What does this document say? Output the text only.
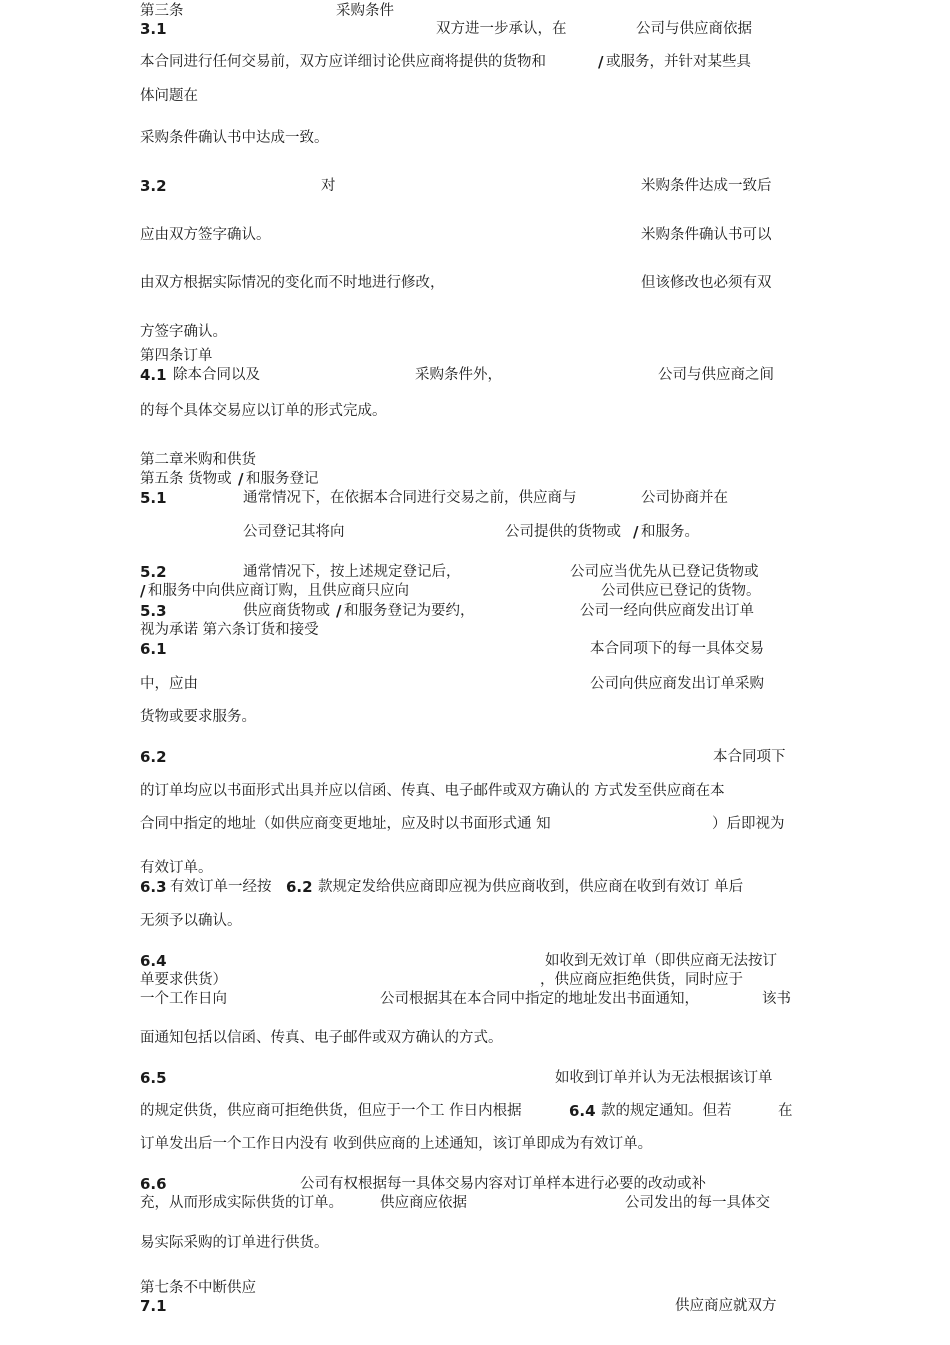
第三条	采购条件
3.1	双方进一步承认，在	公司与供应商依据
本合同进行任何交易前，双方应详细讨论供应商将提供的货物和	/ 或服务，并针对某些具
体问题在
采购条件确认书中达成一致。
3.2	对	米购条件达成一致后
应由双方签字确认。	米购条件确认书可以
由双方根据实际情况的变化而不时地进行修改，	但该修改也必须有双
方签字确认。
第四条订单
4.1 除本合同以及	采购条件外，	公司与供应商之间
的每个具体交易应以订单的形式完成。
第二章米购和供货
第五条 货物或 / 和服务登记
5.1	通常情况下，在依据本合同进行交易之前，供应商与	公司协商并在
公司登记其将向	公司提供的货物或 / 和服务。
5.2	通常情况下，按上述规定登记后，	公司应当优先从已登记货物或
/ 和服务中向供应商订购，且供应商只应向	公司供应已登记的货物。
5.3	供应商货物或 / 和服务登记为要约，	公司一经向供应商发出订单
视为承诺 第六条订货和接受
6.1	本合同项下的每一具体交易
中，应由	公司向供应商发出订单采购
货物或要求服务。
6.2	本合同项下
的订单均应以书面形式出具并应以信函、传真、电子邮件或双方确认的 方式发至供应商在本
合同中指定的地址（如供应商变更地址，应及时以书面形式通 知	）后即视为
有效订单。
6.3 有效订单一经按 6.2 款规定发给供应商即应视为供应商收到，供应商在收到有效订 单后
无须予以确认。
6.4	如收到无效订单（即供应商无法按订
单要求供货）	，供应商应拒绝供货，同时应于
一个工作日向	公司根据其在本合同中指定的地址发出书面通知，	该书
面通知包括以信函、传真、电子邮件或双方确认的方式。
6.5	如收到订单并认为无法根据该订单
的规定供货，供应商可拒绝供货，但应于一个工 作日内根据	6.4 款的规定通知。但若	在
订单发出后一个工作日内没有 收到供应商的上述通知，该订单即成为有效订单。
6.6	公司有权根据每一具体交易内容对订单样本进行必要的改动或补
充，从而形成实际供货的订单。	供应商应依据	公司发出的每一具体交
易实际采购的订单进行供货。
第七条不中断供应
7.1	供应商应就双方
